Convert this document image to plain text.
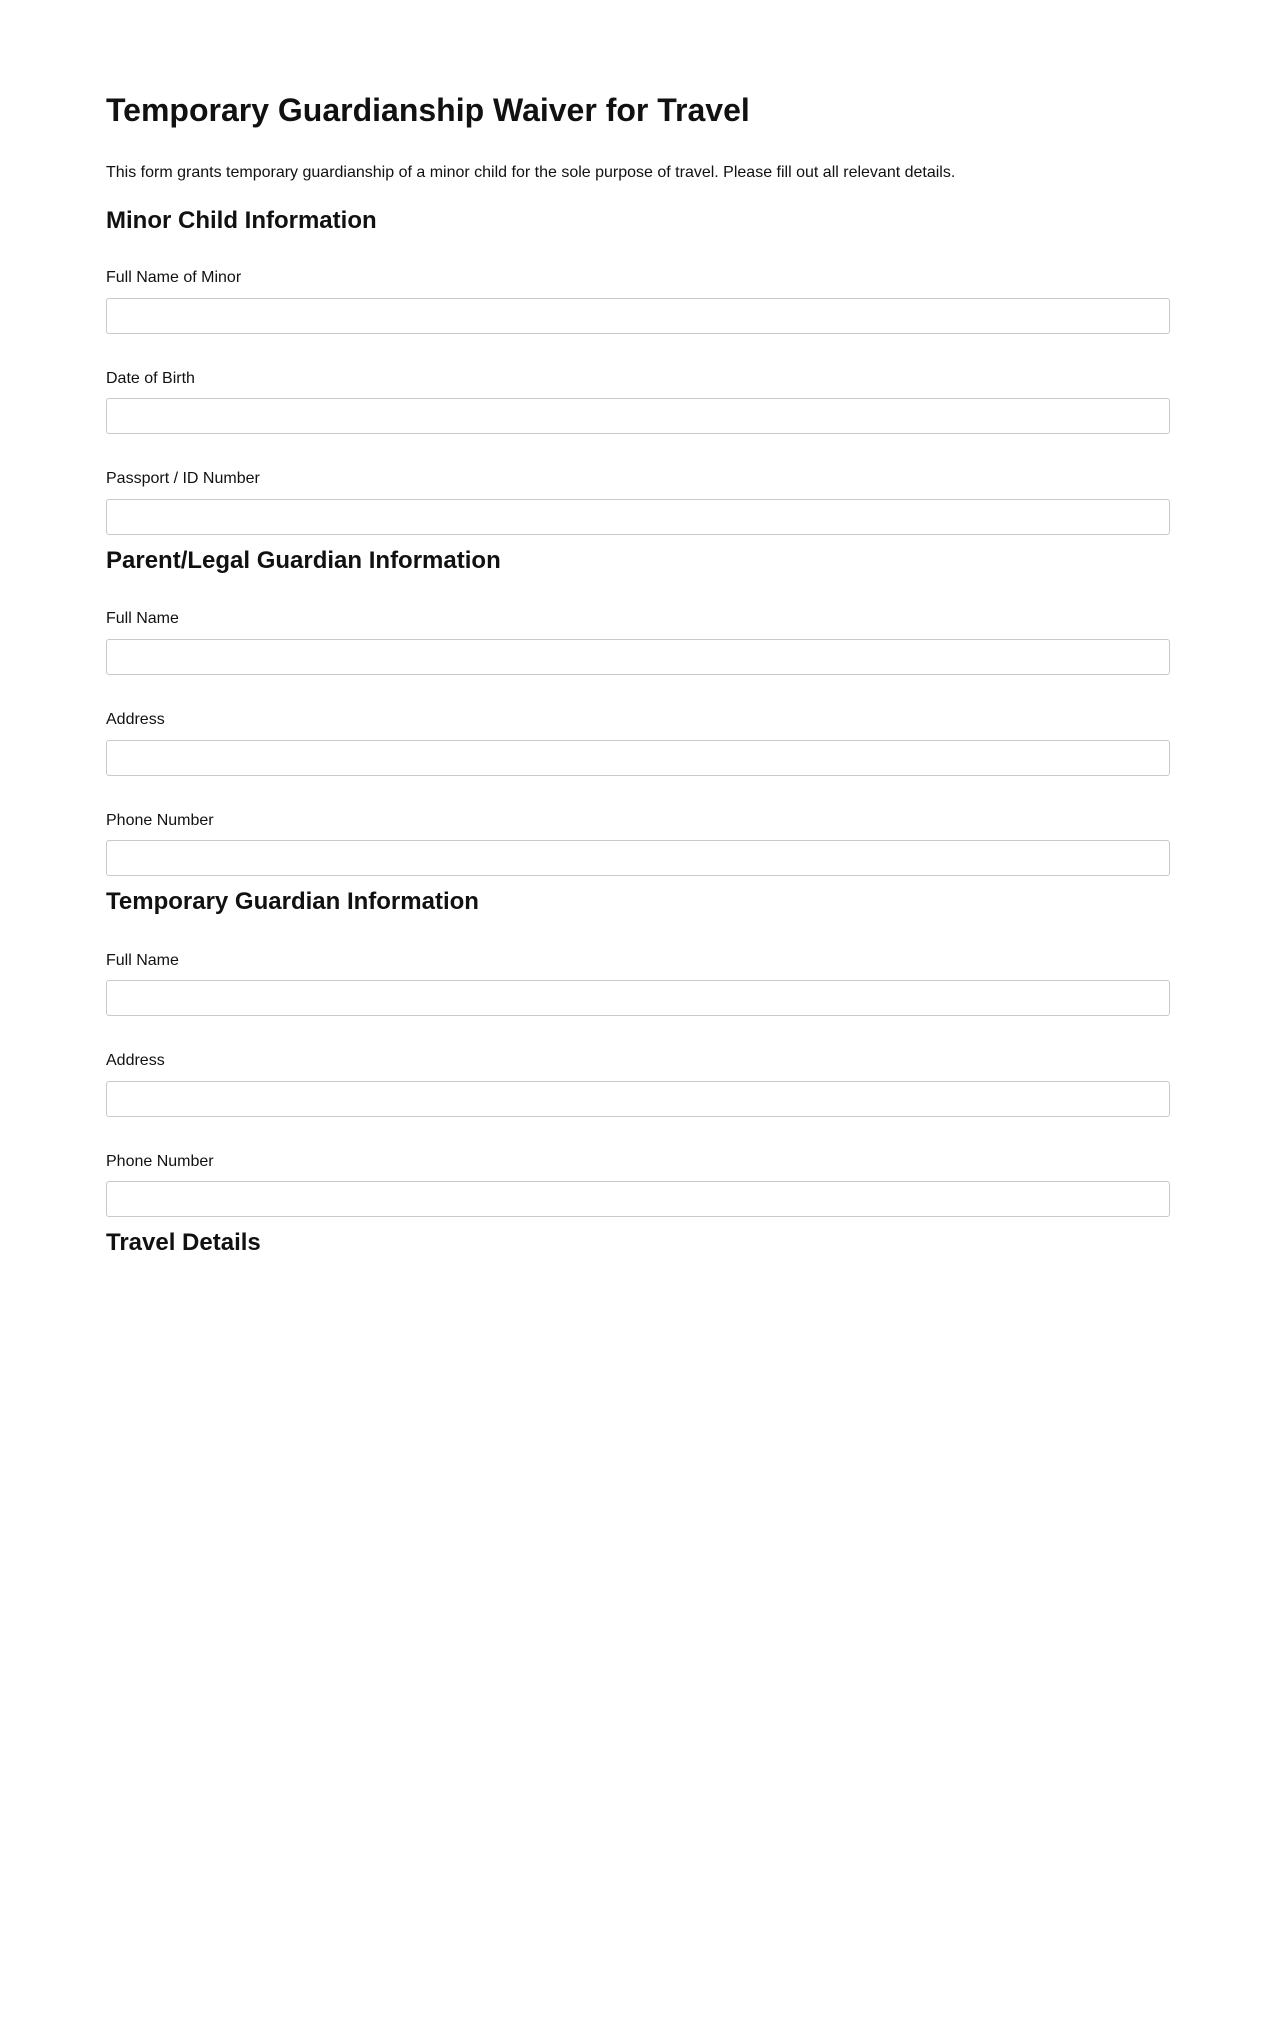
Temporary Guardianship Waiver for Travel

This form grants temporary guardianship of a minor child for the sole purpose of travel. Please fill out all relevant details.

Minor Child Information
Full Name of Minor
Date of Birth
Passport / ID Number
Parent/Legal Guardian Information
Full Name
Address
Phone Number
Temporary Guardian Information
Full Name
Address
Phone Number
Travel Details
